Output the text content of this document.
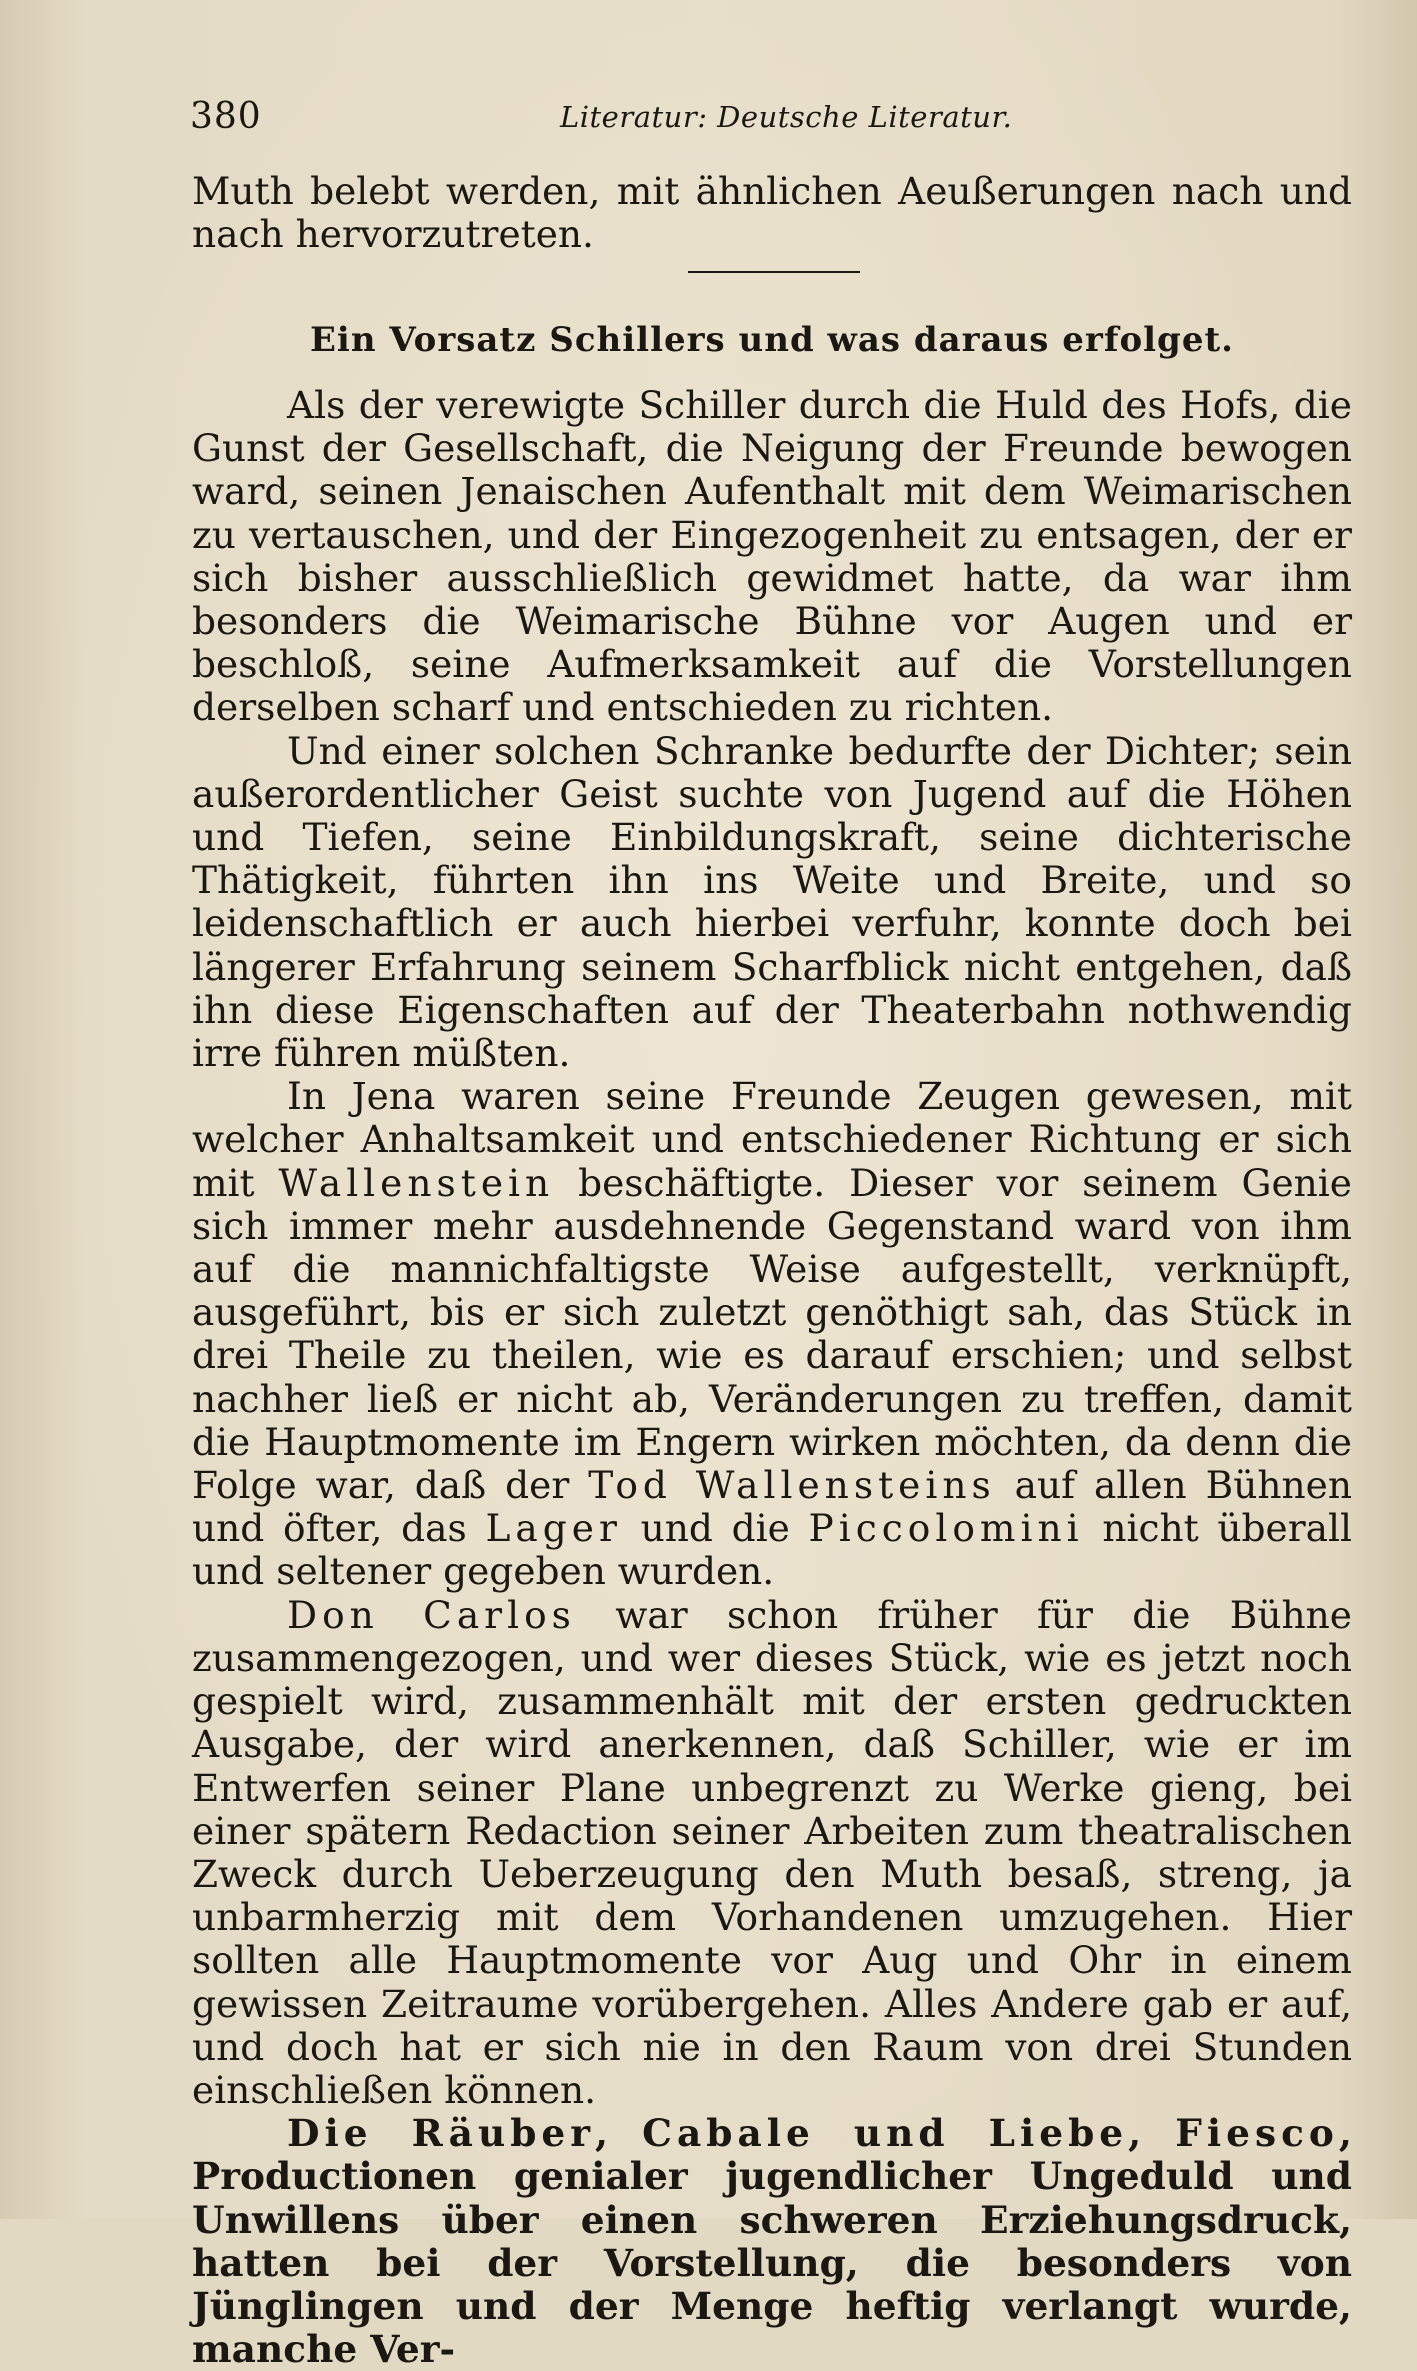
380	Literatur: Deutsche Literatur.

Muth belebt werden, mit ähnlichen Aeußerungen nach und nach hervorzutreten.

Ein Vorsatz Schillers und was daraus erfolget.

Als der verewigte Schiller durch die Huld des Hofs, die Gunst der Gesellschaft, die Neigung der Freunde bewogen ward, seinen Jenaischen Aufenthalt mit dem Weimarischen zu vertauschen, und der Eingezogenheit zu entsagen, der er sich bisher ausschließlich gewidmet hatte, da war ihm besonders die Weimarische Bühne vor Augen und er beschloß, seine Aufmerksamkeit auf die Vorstellungen derselben scharf und entschieden zu richten.

Und einer solchen Schranke bedurfte der Dichter; sein außerordentlicher Geist suchte von Jugend auf die Höhen und Tiefen, seine Einbildungskraft, seine dichterische Thätigkeit, führten ihn ins Weite und Breite, und so leidenschaftlich er auch hierbei verfuhr, konnte doch bei längerer Erfahrung seinem Scharfblick nicht entgehen, daß ihn diese Eigenschaften auf der Theaterbahn nothwendig irre führen müßten.

In Jena waren seine Freunde Zeugen gewesen, mit welcher Anhaltsamkeit und entschiedener Richtung er sich mit Wallenstein beschäftigte. Dieser vor seinem Genie sich immer mehr ausdehnende Gegenstand ward von ihm auf die mannichfaltigste Weise aufgestellt, verknüpft, ausgeführt, bis er sich zuletzt genöthigt sah, das Stück in drei Theile zu theilen, wie es darauf erschien; und selbst nachher ließ er nicht ab, Veränderungen zu treffen, damit die Hauptmomente im Engern wirken möchten, da denn die Folge war, daß der Tod Wallensteins auf allen Bühnen und öfter, das Lager und die Piccolomini nicht überall und seltener gegeben wurden.

Don Carlos war schon früher für die Bühne zusammengezogen, und wer dieses Stück, wie es jetzt noch gespielt wird, zusammenhält mit der ersten gedruckten Ausgabe, der wird anerkennen, daß Schiller, wie er im Entwerfen seiner Plane unbegrenzt zu Werke gieng, bei einer spätern Redaction seiner Arbeiten zum theatralischen Zweck durch Ueberzeugung den Muth besaß, streng, ja unbarmherzig mit dem Vorhandenen umzugehen. Hier sollten alle Hauptmomente vor Aug und Ohr in einem gewissen Zeitraume vorübergehen. Alles Andere gab er auf, und doch hat er sich nie in den Raum von drei Stunden einschließen können.

Die Räuber, Cabale und Liebe, Fiesco, Productionen genialer jugendlicher Ungeduld und Unwillens über einen schweren Erziehungsdruck, hatten bei der Vorstellung, die besonders von Jünglingen und der Menge heftig verlangt wurde, manche Ver-
